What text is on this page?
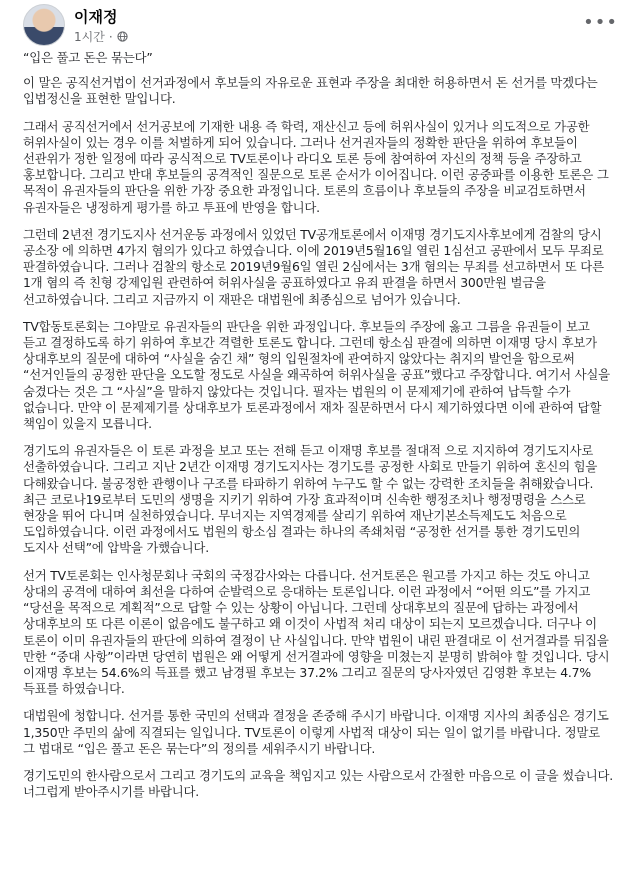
이재정
1시간 ·
•••

“입은 풀고 돈은 묶는다”

이 말은 공직선거법이 선거과정에서 후보들의 자유로운 표현과 주장을 최대한 허용하면서 돈 선거를 막겠다는 입법정신을 표현한 말입니다.

그래서 공직선거에서 선거공보에 기재한 내용 즉 학력, 재산신고 등에 허위사실이 있거나 의도적으로 가공한 허위사실이 있는 경우 이를 처벌하게 되어 있습니다. 그러나 선거권자들의 정확한 판단을 위하여 후보들이 선관위가 정한 일정에 따라 공식적으로 TV토론이나 라디오 토론 등에 참여하여 자신의 정책 등을 주장하고 홍보합니다. 그리고 반대 후보들의 공격적인 질문으로 토론 순서가 이어집니다. 이런 공중파를 이용한 토론은 그 목적이 유권자들의 판단을 위한 가장 중요한 과정입니다. 토론의 흐름이나 후보들의 주장을 비교검토하면서 유권자들은 냉정하게 평가를 하고 투표에 반영을 합니다.

그런데 2년전 경기도지사 선거운동 과정에서 있었던 TV공개토론에서 이재명 경기도지사후보에게 검찰의 당시 공소장 에 의하면 4가지 혐의가 있다고 하였습니다. 이에 2019년5월16일 열린 1심선고 공판에서 모두 무죄로 판결하였습니다. 그러나 검찰의 항소로 2019년9월6일 열린 2심에서는 3개 혐의는 무죄를 선고하면서 또 다른 1개 혐의 즉 친형 강제입원 관련하여 허위사실을 공표하였다고 유죄 판결을 하면서 300만원 벌금을 선고하였습니다. 그리고 지금까지 이 재판은 대법원에 최종심으로 넘어가 있습니다.

TV합동토론회는 그야말로 유권자들의 판단을 위한 과정입니다. 후보들의 주장에 옳고 그름을 유권들이 보고 듣고 결정하도록 하기 위하여 후보간 격렬한 토론도 합니다. 그런데 항소심 판결에 의하면 이재명 당시 후보가 상대후보의 질문에 대하여 “사실을 숨긴 채” 형의 입원절차에 관여하지 않았다는 취지의 발언을 함으로써 “선거인들의 공정한 판단을 오도할 정도로 사실을 왜곡하여 허위사실을 공표”했다고 주장합니다. 여기서 사실을 숨겼다는 것은 그 “사실”을 말하지 않았다는 것입니다. 필자는 법원의 이 문제제기에 관하여 납득할 수가 없습니다. 만약 이 문제제기를 상대후보가 토론과정에서 재차 질문하면서 다시 제기하였다면 이에 관하여 답할 책임이 있을지 모릅니다.

경기도의 유권자들은 이 토론 과정을 보고 또는 전해 듣고 이재명 후보를 절대적 으로 지지하여 경기도지사로 선출하였습니다. 그리고 지난 2년간 이재명 경기도지사는 경기도를 공정한 사회로 만들기 위하여 혼신의 힘을 다해왔습니다. 불공정한 관행이나 구조를 타파하기 위하여 누구도 할 수 없는 강력한 조치들을 취해왔습니다. 최근 코로나19로부터 도민의 생명을 지키기 위하여 가장 효과적이며 신속한 행정조치나 행정명령을 스스로 현장을 뛰어 다니며 실천하였습니다. 무너지는 지역경제를 살리기 위하여 재난기본소득제도도 처음으로 도입하였습니다. 이런 과정에서도 법원의 항소심 결과는 하나의 족쇄처럼 “공정한 선거를 통한 경기도민의 도지사 선택”에 압박을 가했습니다.

선거 TV토론회는 인사청문회나 국회의 국정감사와는 다릅니다. 선거토론은 원고를 가지고 하는 것도 아니고 상대의 공격에 대하여 최선을 다하여 순발력으로 응대하는 토론입니다. 이런 과정에서 “어떤 의도”를 가지고 “당선을 목적으로 계획적”으로 답할 수 있는 상황이 아닙니다. 그런데 상대후보의 질문에 답하는 과정에서 상대후보의 또 다른 이론이 없음에도 불구하고 왜 이것이 사법적 처리 대상이 되는지 모르겠습니다. 더구나 이 토론이 이미 유권자들의 판단에 의하여 결정이 난 사실입니다. 만약 법원이 내린 판결대로 이 선거결과를 뒤집을 만한 “중대 사항”이라면 당연히 법원은 왜 어떻게 선거결과에 영향을 미쳤는지 분명히 밝혀야 할 것입니다. 당시 이재명 후보는 54.6%의 득표를 했고 남경필 후보는 37.2% 그리고 질문의 당사자였던 김영환 후보는 4.7% 득표를 하였습니다.

대법원에 청합니다. 선거를 통한 국민의 선택과 결정을 존중해 주시기 바랍니다. 이재명 지사의 최종심은 경기도 1,350만 주민의 삶에 직결되는 일입니다. TV토론이 이렇게 사법적 대상이 되는 일이 없기를 바랍니다. 정말로 그 법대로 “입은 풀고 돈은 묶는다”의 정의를 세워주시기 바랍니다.

경기도민의 한사람으로서 그리고 경기도의 교육을 책임지고 있는 사람으로서 간절한 마음으로 이 글을 썼습니다. 너그럽게 받아주시기를 바랍니다.
